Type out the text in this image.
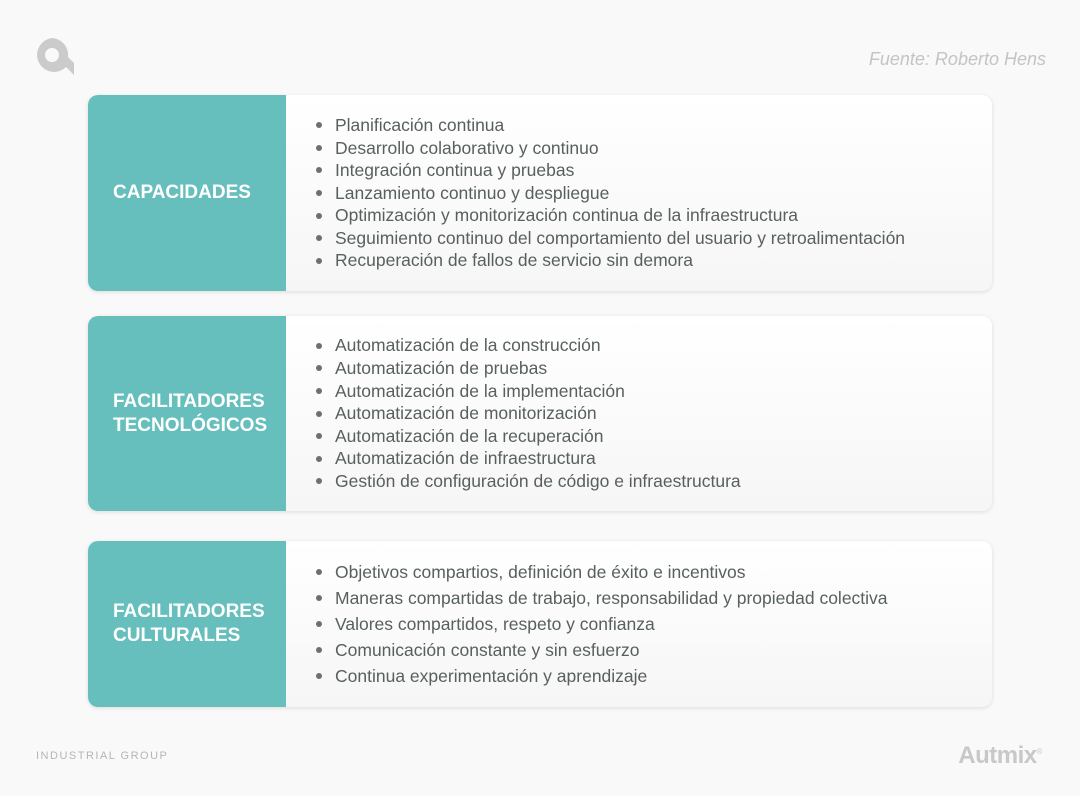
Fuente: Roberto Hens
CAPACIDADES
Planificación continua
Desarrollo colaborativo y continuo
Integración continua y pruebas
Lanzamiento continuo y despliegue
Optimización y monitorización continua de la infraestructura
Seguimiento continuo del comportamiento del usuario y retroalimentación
Recuperación de fallos de servicio sin demora
FACILITADORES TECNOLÓGICOS
Automatización de la construcción
Automatización de pruebas
Automatización de la implementación
Automatización de monitorización
Automatización de la recuperación
Automatización de infraestructura
Gestión de configuración de código e infraestructura
FACILITADORES CULTURALES
Objetivos compartios, definición de éxito e incentivos
Maneras compartidas de trabajo, responsabilidad y propiedad colectiva
Valores compartidos, respeto y confianza
Comunicación constante y sin esfuerzo
Continua experimentación y aprendizaje
INDUSTRIAL GROUP	Autmix®
